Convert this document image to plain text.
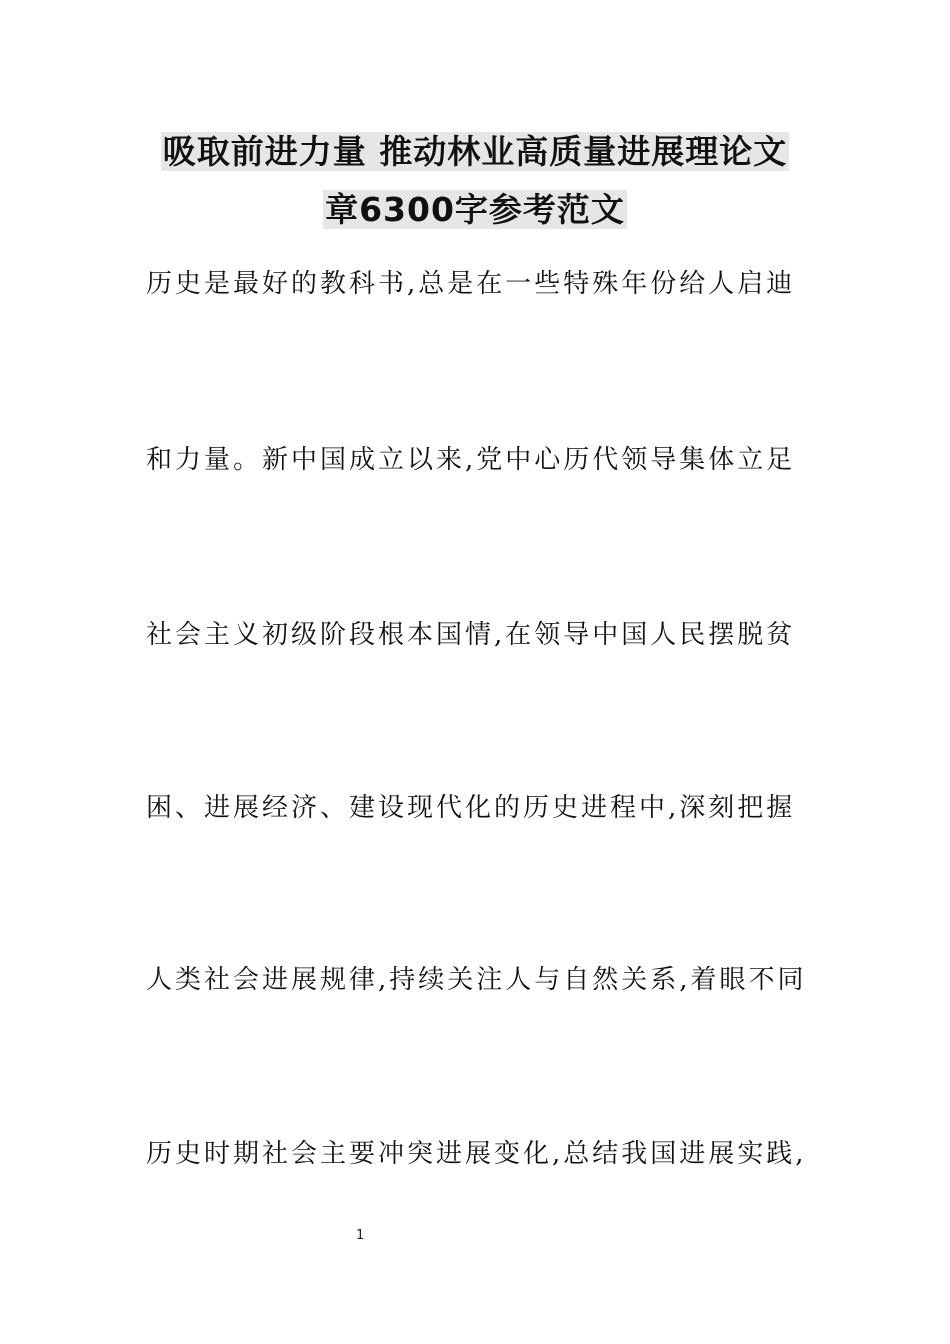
吸取前进力量 推动林业高质量进展理论文
章6300字参考范文
历史是最好的教科书,总是在一些特殊年份给人启迪
和力量。新中国成立以来,党中心历代领导集体立足
社会主义初级阶段根本国情,在领导中国人民摆脱贫
困、进展经济、建设现代化的历史进程中,深刻把握
人类社会进展规律,持续关注人与自然关系,着眼不同
历史时期社会主要冲突进展变化,总结我国进展实践,
1
